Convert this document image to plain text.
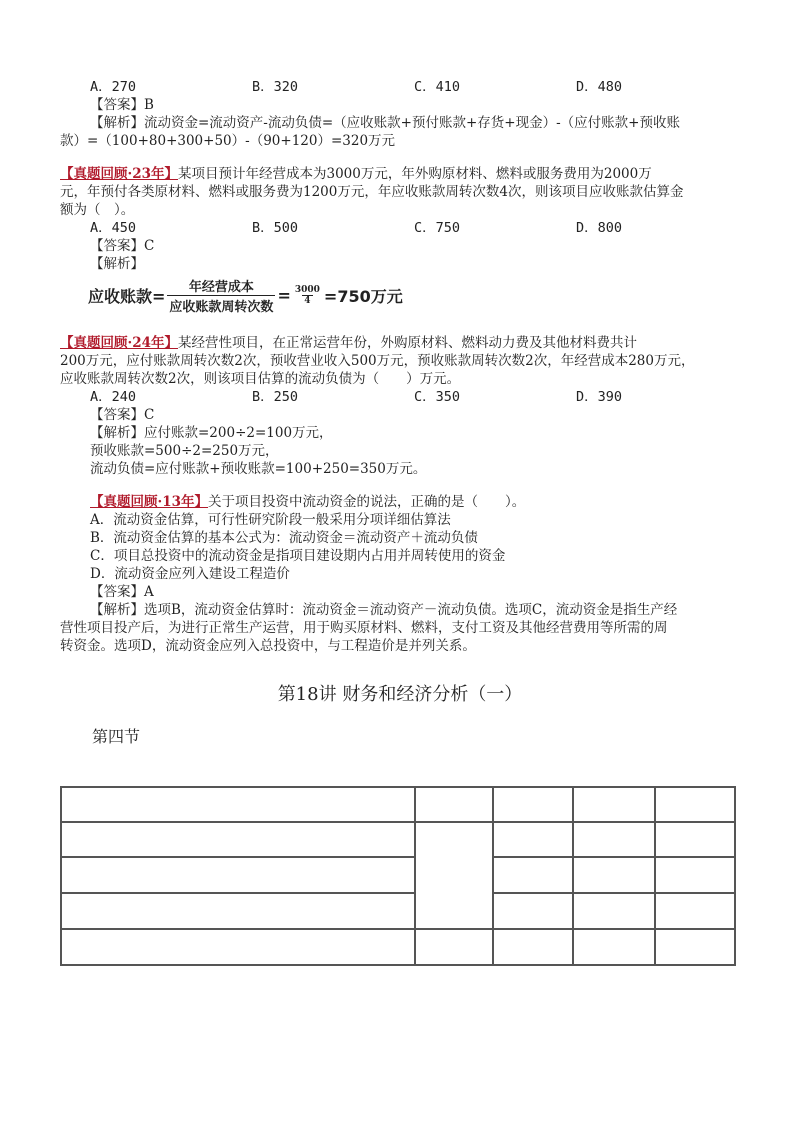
A．270	B．320	C．410	D．480
【答案】B
【解析】流动资金=流动资产-流动负债=（应收账款+预付账款+存货+现金）-（应付账款+预收账
款）=（100+80+300+50）-（90+120）=320万元
【真题回顾·23年】某项目预计年经营成本为3000万元，年外购原材料、燃料或服务费用为2000万
元，年预付各类原材料、燃料或服务费为1200万元，年应收账款周转次数4次，则该项目应收账款估算金
额为（　）。
A．450	B．500	C．750	D．800
【答案】C
【解析】
应收账款= $\frac{\text{年经营成本}}{\text{应收账款周转次数}} = \frac{3000}{4} =750$万元
【真题回顾·24年】某经营性项目，在正常运营年份，外购原材料、燃料动力费及其他材料费共计
200万元，应付账款周转次数2次，预收营业收入500万元，预收账款周转次数2次，年经营成本280万元，
应收账款周转次数2次，则该项目估算的流动负债为（　　）万元。
A．240	B．250	C．350	D．390
【答案】C
【解析】应付账款=200÷2=100万元，
预收账款=500÷2=250万元，
流动负债=应付账款+预收账款=100+250=350万元。
【真题回顾·13年】关于项目投资中流动资金的说法，正确的是（　　）。
A．流动资金估算，可行性研究阶段一般采用分项详细估算法
B．流动资金估算的基本公式为：流动资金＝流动资产＋流动负债
C．项目总投资中的流动资金是指项目建设期内占用并周转使用的资金
D．流动资金应列入建设工程造价
【答案】A
【解析】选项B，流动资金估算时：流动资金＝流动资产－流动负债。选项C，流动资金是指生产经
营性项目投产后，为进行正常生产运营，用于购买原材料、燃料，支付工资及其他经营费用等所需的周
转资金。选项D，流动资金应列入总投资中，与工程造价是并列关系。
第18讲 财务和经济分析（一）
第四节
